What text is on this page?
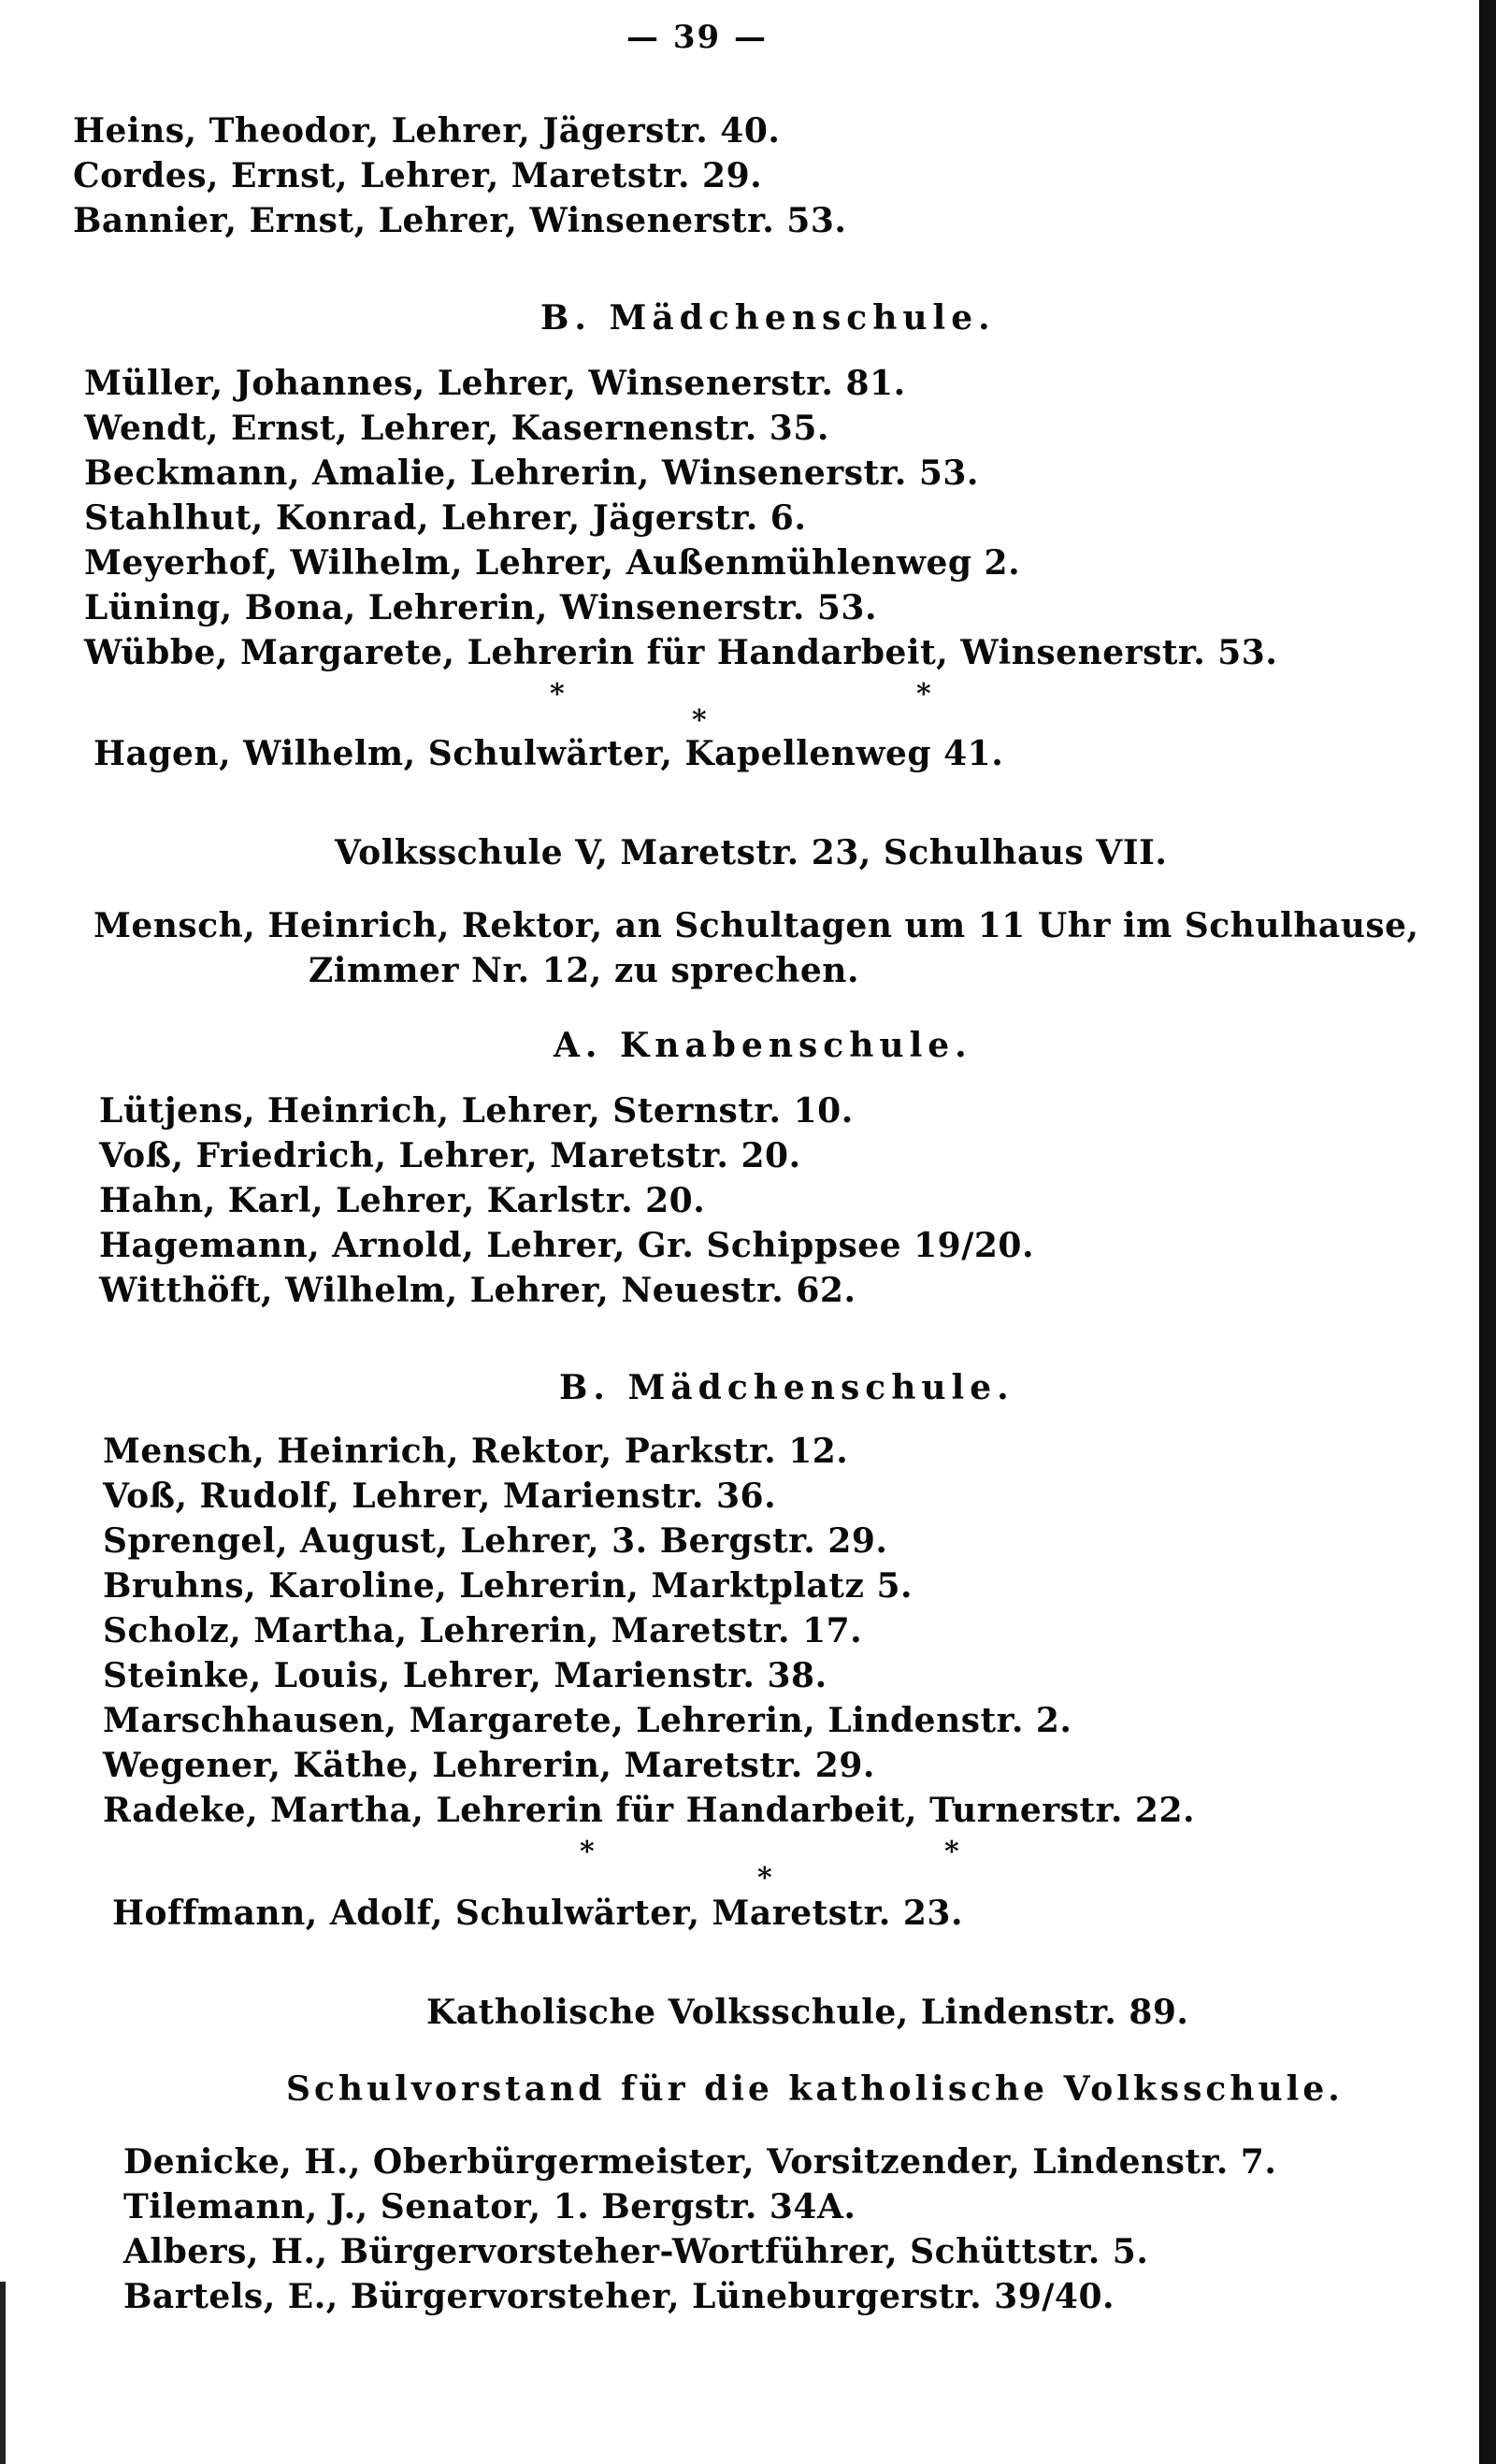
— 39 —
Heins, Theodor, Lehrer, Jägerstr. 40.
Cordes, Ernst, Lehrer, Maretstr. 29.
Bannier, Ernst, Lehrer, Winsenerstr. 53.
B. Mädchenschule.
Müller, Johannes, Lehrer, Winsenerstr. 81.
Wendt, Ernst, Lehrer, Kasernenstr. 35.
Beckmann, Amalie, Lehrerin, Winsenerstr. 53.
Stahlhut, Konrad, Lehrer, Jägerstr. 6.
Meyerhof, Wilhelm, Lehrer, Außenmühlenweg 2.
Lüning, Bona, Lehrerin, Winsenerstr. 53.
Wübbe, Margarete, Lehrerin für Handarbeit, Winsenerstr. 53.
*
*
*
Hagen, Wilhelm, Schulwärter, Kapellenweg 41.
Volksschule V, Maretstr. 23, Schulhaus VII.
Mensch, Heinrich, Rektor, an Schultagen um 11 Uhr im Schulhause,
Zimmer Nr. 12, zu sprechen.
A. Knabenschule.
Lütjens, Heinrich, Lehrer, Sternstr. 10.
Voß, Friedrich, Lehrer, Maretstr. 20.
Hahn, Karl, Lehrer, Karlstr. 20.
Hagemann, Arnold, Lehrer, Gr. Schippsee 19/20.
Witthöft, Wilhelm, Lehrer, Neuestr. 62.
B. Mädchenschule.
Mensch, Heinrich, Rektor, Parkstr. 12.
Voß, Rudolf, Lehrer, Marienstr. 36.
Sprengel, August, Lehrer, 3. Bergstr. 29.
Bruhns, Karoline, Lehrerin, Marktplatz 5.
Scholz, Martha, Lehrerin, Maretstr. 17.
Steinke, Louis, Lehrer, Marienstr. 38.
Marschhausen, Margarete, Lehrerin, Lindenstr. 2.
Wegener, Käthe, Lehrerin, Maretstr. 29.
Radeke, Martha, Lehrerin für Handarbeit, Turnerstr. 22.
*
*
*
Hoffmann, Adolf, Schulwärter, Maretstr. 23.
Katholische Volksschule, Lindenstr. 89.
Schulvorstand für die katholische Volksschule.
Denicke, H., Oberbürgermeister, Vorsitzender, Lindenstr. 7.
Tilemann, J., Senator, 1. Bergstr. 34A.
Albers, H., Bürgervorsteher-Wortführer, Schüttstr. 5.
Bartels, E., Bürgervorsteher, Lüneburgerstr. 39/40.
